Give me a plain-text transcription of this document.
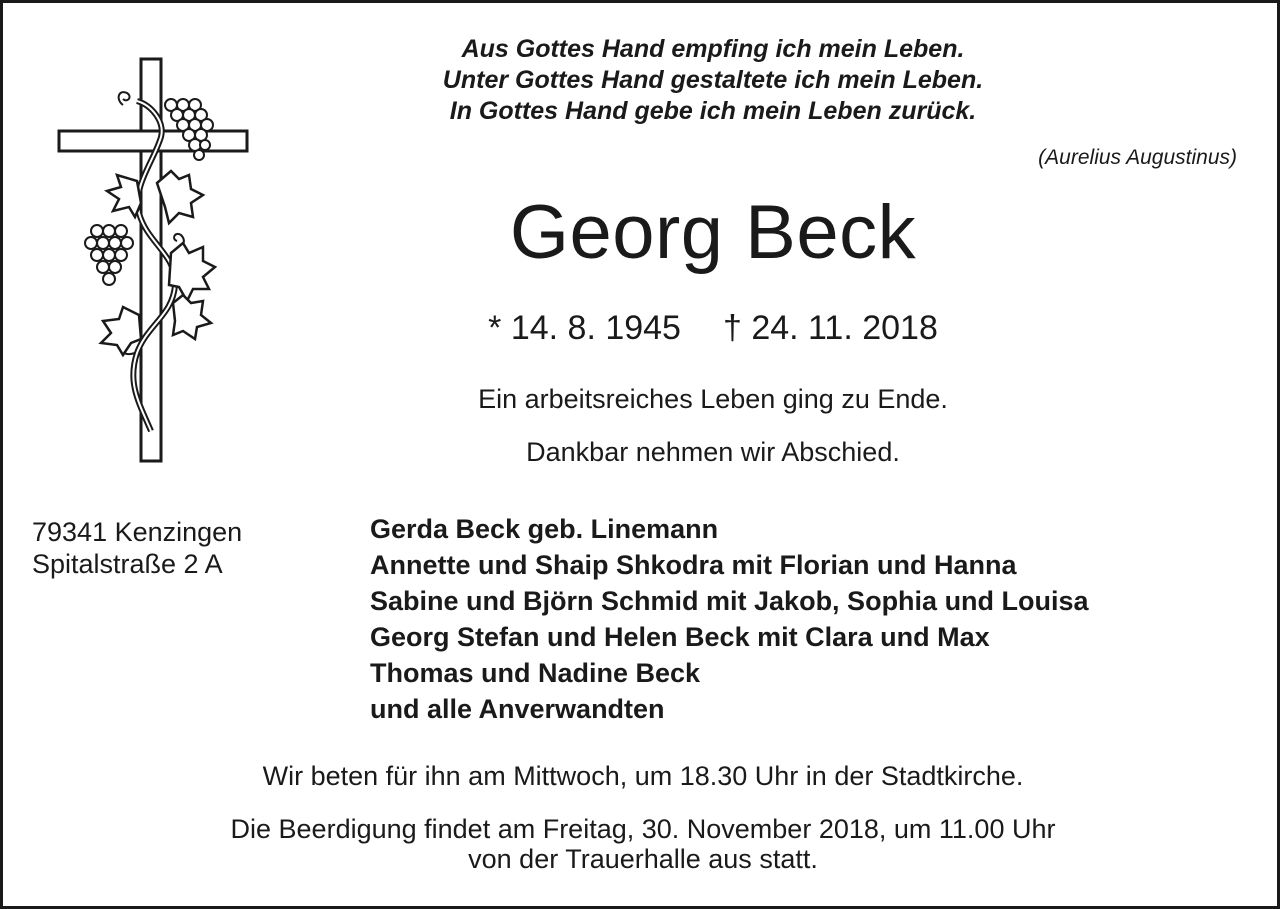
Aus Gottes Hand empfing ich mein Leben.
Unter Gottes Hand gestaltete ich mein Leben.
In Gottes Hand gebe ich mein Leben zurück.
(Aurelius Augustinus)
Georg Beck
* 14. 8. 1945 † 24. 11. 2018
Ein arbeitsreiches Leben ging zu Ende.
Dankbar nehmen wir Abschied.
79341 Kenzingen
Spitalstraße 2 A
Gerda Beck geb. Linemann
Annette und Shaip Shkodra mit Florian und Hanna
Sabine und Björn Schmid mit Jakob, Sophia und Louisa
Georg Stefan und Helen Beck mit Clara und Max
Thomas und Nadine Beck
und alle Anverwandten
Wir beten für ihn am Mittwoch, um 18.30 Uhr in der Stadtkirche.
Die Beerdigung findet am Freitag, 30. November 2018, um 11.00 Uhr
von der Trauerhalle aus statt.
